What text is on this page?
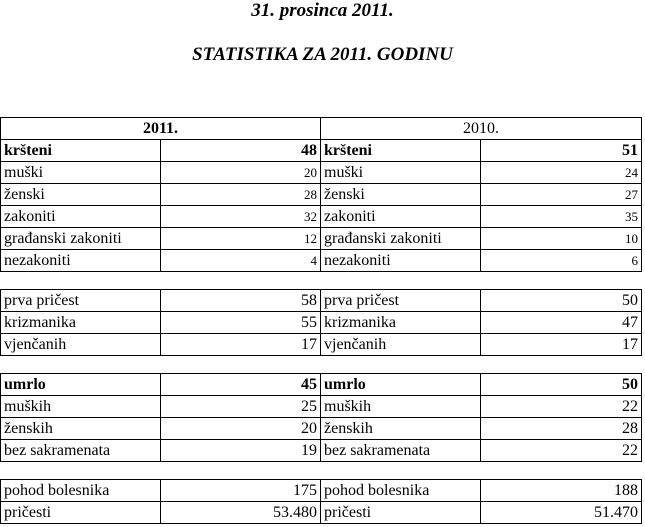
31. prosinca 2011.
STATISTIKA ZA 2011. GODINU
2011.		2010.	
kršteni	48	kršteni	51
muški	20	muški	24
ženski	28	ženski	27
zakoniti	32	zakoniti	35
građanski zakoniti	12	građanski zakoniti	10
nezakoniti	4	nezakoniti	6

prva pričest	58	prva pričest	50
krizmanika	55	krizmanika	47
vjenčanih	17	vjenčanih	17

umrlo	45	umrlo	50
muških	25	muških	22
ženskih	20	ženskih	28
bez sakramenata	19	bez sakramenata	22

pohod bolesnika	175	pohod bolesnika	188
pričesti	53.480	pričesti	51.470
